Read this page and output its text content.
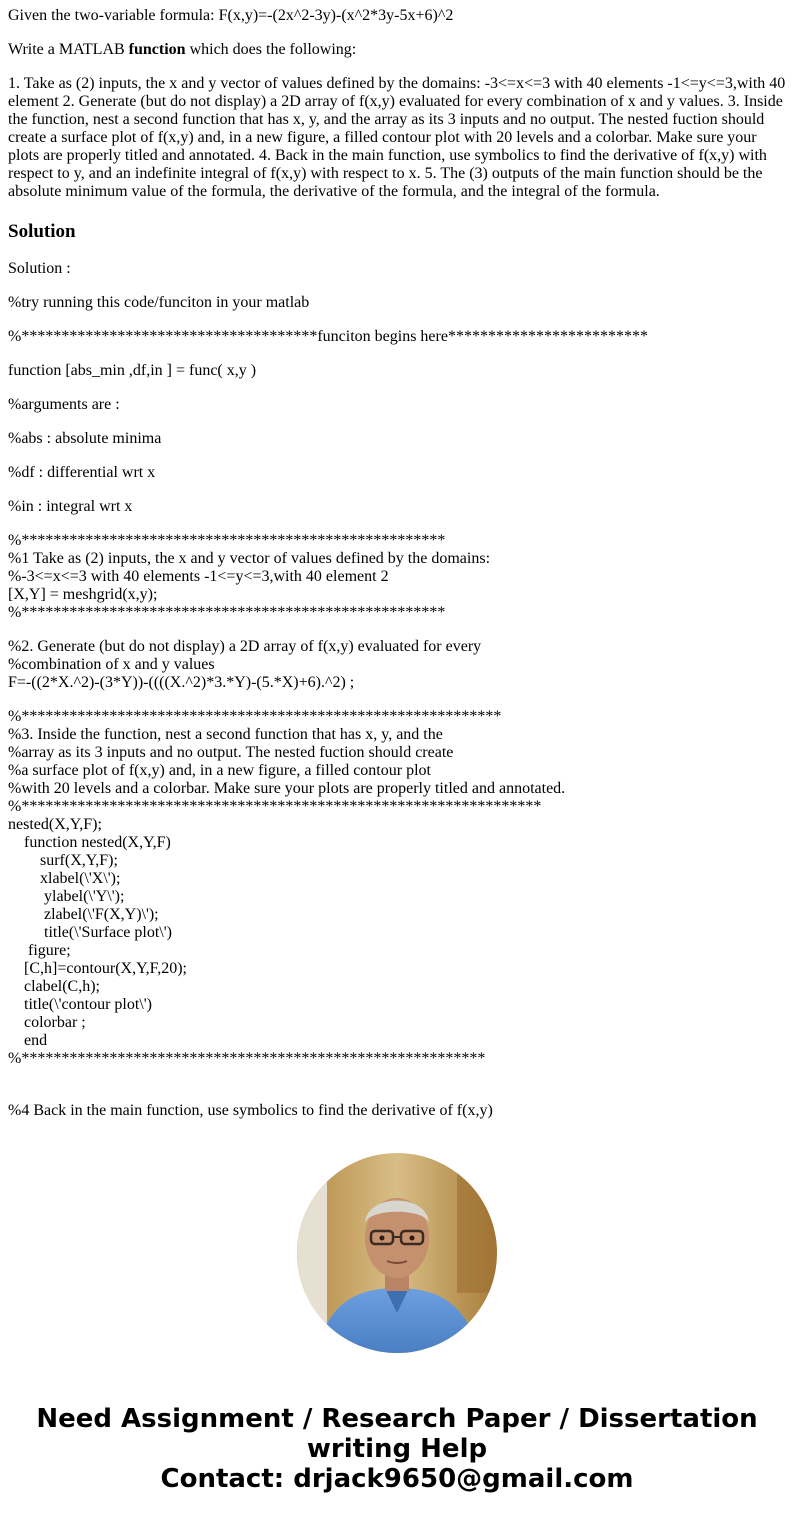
Given the two-variable formula: F(x,y)=-(2x^2-3y)-(x^2*3y-5x+6)^2
Write a MATLAB function which does the following:
1. Take as (2) inputs, the x and y vector of values defined by the domains: -3<=x<=3 with 40 elements -1<=y<=3,with 40 element 2. Generate (but do not display) a 2D array of f(x,y) evaluated for every combination of x and y values. 3. Inside the function, nest a second function that has x, y, and the array as its 3 inputs and no output. The nested fuction should create a surface plot of f(x,y) and, in a new figure, a filled contour plot with 20 levels and a colorbar. Make sure your plots are properly titled and annotated. 4. Back in the main function, use symbolics to find the derivative of f(x,y) with respect to y, and an indefinite integral of f(x,y) with respect to x. 5. The (3) outputs of the main function should be the absolute minimum value of the formula, the derivative of the formula, and the integral of the formula.
Solution
Solution :
%try running this code/funciton in your matlab
%*************************************funciton begins here*************************
function [abs_min ,df,in ] = func( x,y )
%arguments are :
%abs : absolute minima
%df : differential wrt x
%in : integral wrt x
%*****************************************************
%1 Take as (2) inputs, the x and y vector of values defined by the domains:
%-3<=x<=3 with 40 elements -1<=y<=3,with 40 element 2
[X,Y] = meshgrid(x,y);
%*****************************************************
%2. Generate (but do not display) a 2D array of f(x,y) evaluated for every
%combination of x and y values
F=-((2*X.^2)-(3*Y))-((((X.^2)*3.*Y)-(5.*X)+6).^2) ;
%************************************************************
%3. Inside the function, nest a second function that has x, y, and the
%array as its 3 inputs and no output. The nested fuction should create
%a surface plot of f(x,y) and, in a new figure, a filled contour plot
%with 20 levels and a colorbar. Make sure your plots are properly titled and annotated.
%*****************************************************************
nested(X,Y,F);
function nested(X,Y,F)
surf(X,Y,F);
xlabel(\'X\');
ylabel(\'Y\');
zlabel(\'F(X,Y)\');
title(\'Surface plot\')
figure;
[C,h]=contour(X,Y,F,20);
clabel(C,h);
title(\'contour plot\')
colorbar ;
end
%**********************************************************
%4 Back in the main function, use symbolics to find the derivative of f(x,y)
Need Assignment / Research Paper / Dissertation
writing Help
Contact: drjack9650@gmail.com
